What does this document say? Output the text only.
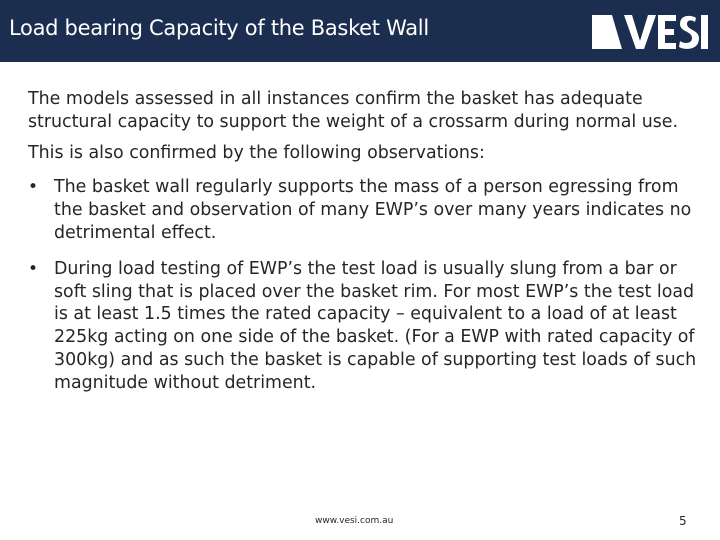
Load bearing Capacity of the Basket Wall

The models assessed in all instances confirm the basket has adequate structural capacity to support the weight of a crossarm during normal use.

This is also confirmed by the following observations:

• The basket wall regularly supports the mass of a person egressing from the basket and observation of many EWP’s over many years indicates no detrimental effect.
• During load testing of EWP’s the test load is usually slung from a bar or soft sling that is placed over the basket rim. For most EWP’s the test load is at least 1.5 times the rated capacity – equivalent to a load of at least 225kg acting on one side of the basket. (For a EWP with rated capacity of 300kg) and as such the basket is capable of supporting test loads of such magnitude without detriment.
www.vesi.com.au	5
